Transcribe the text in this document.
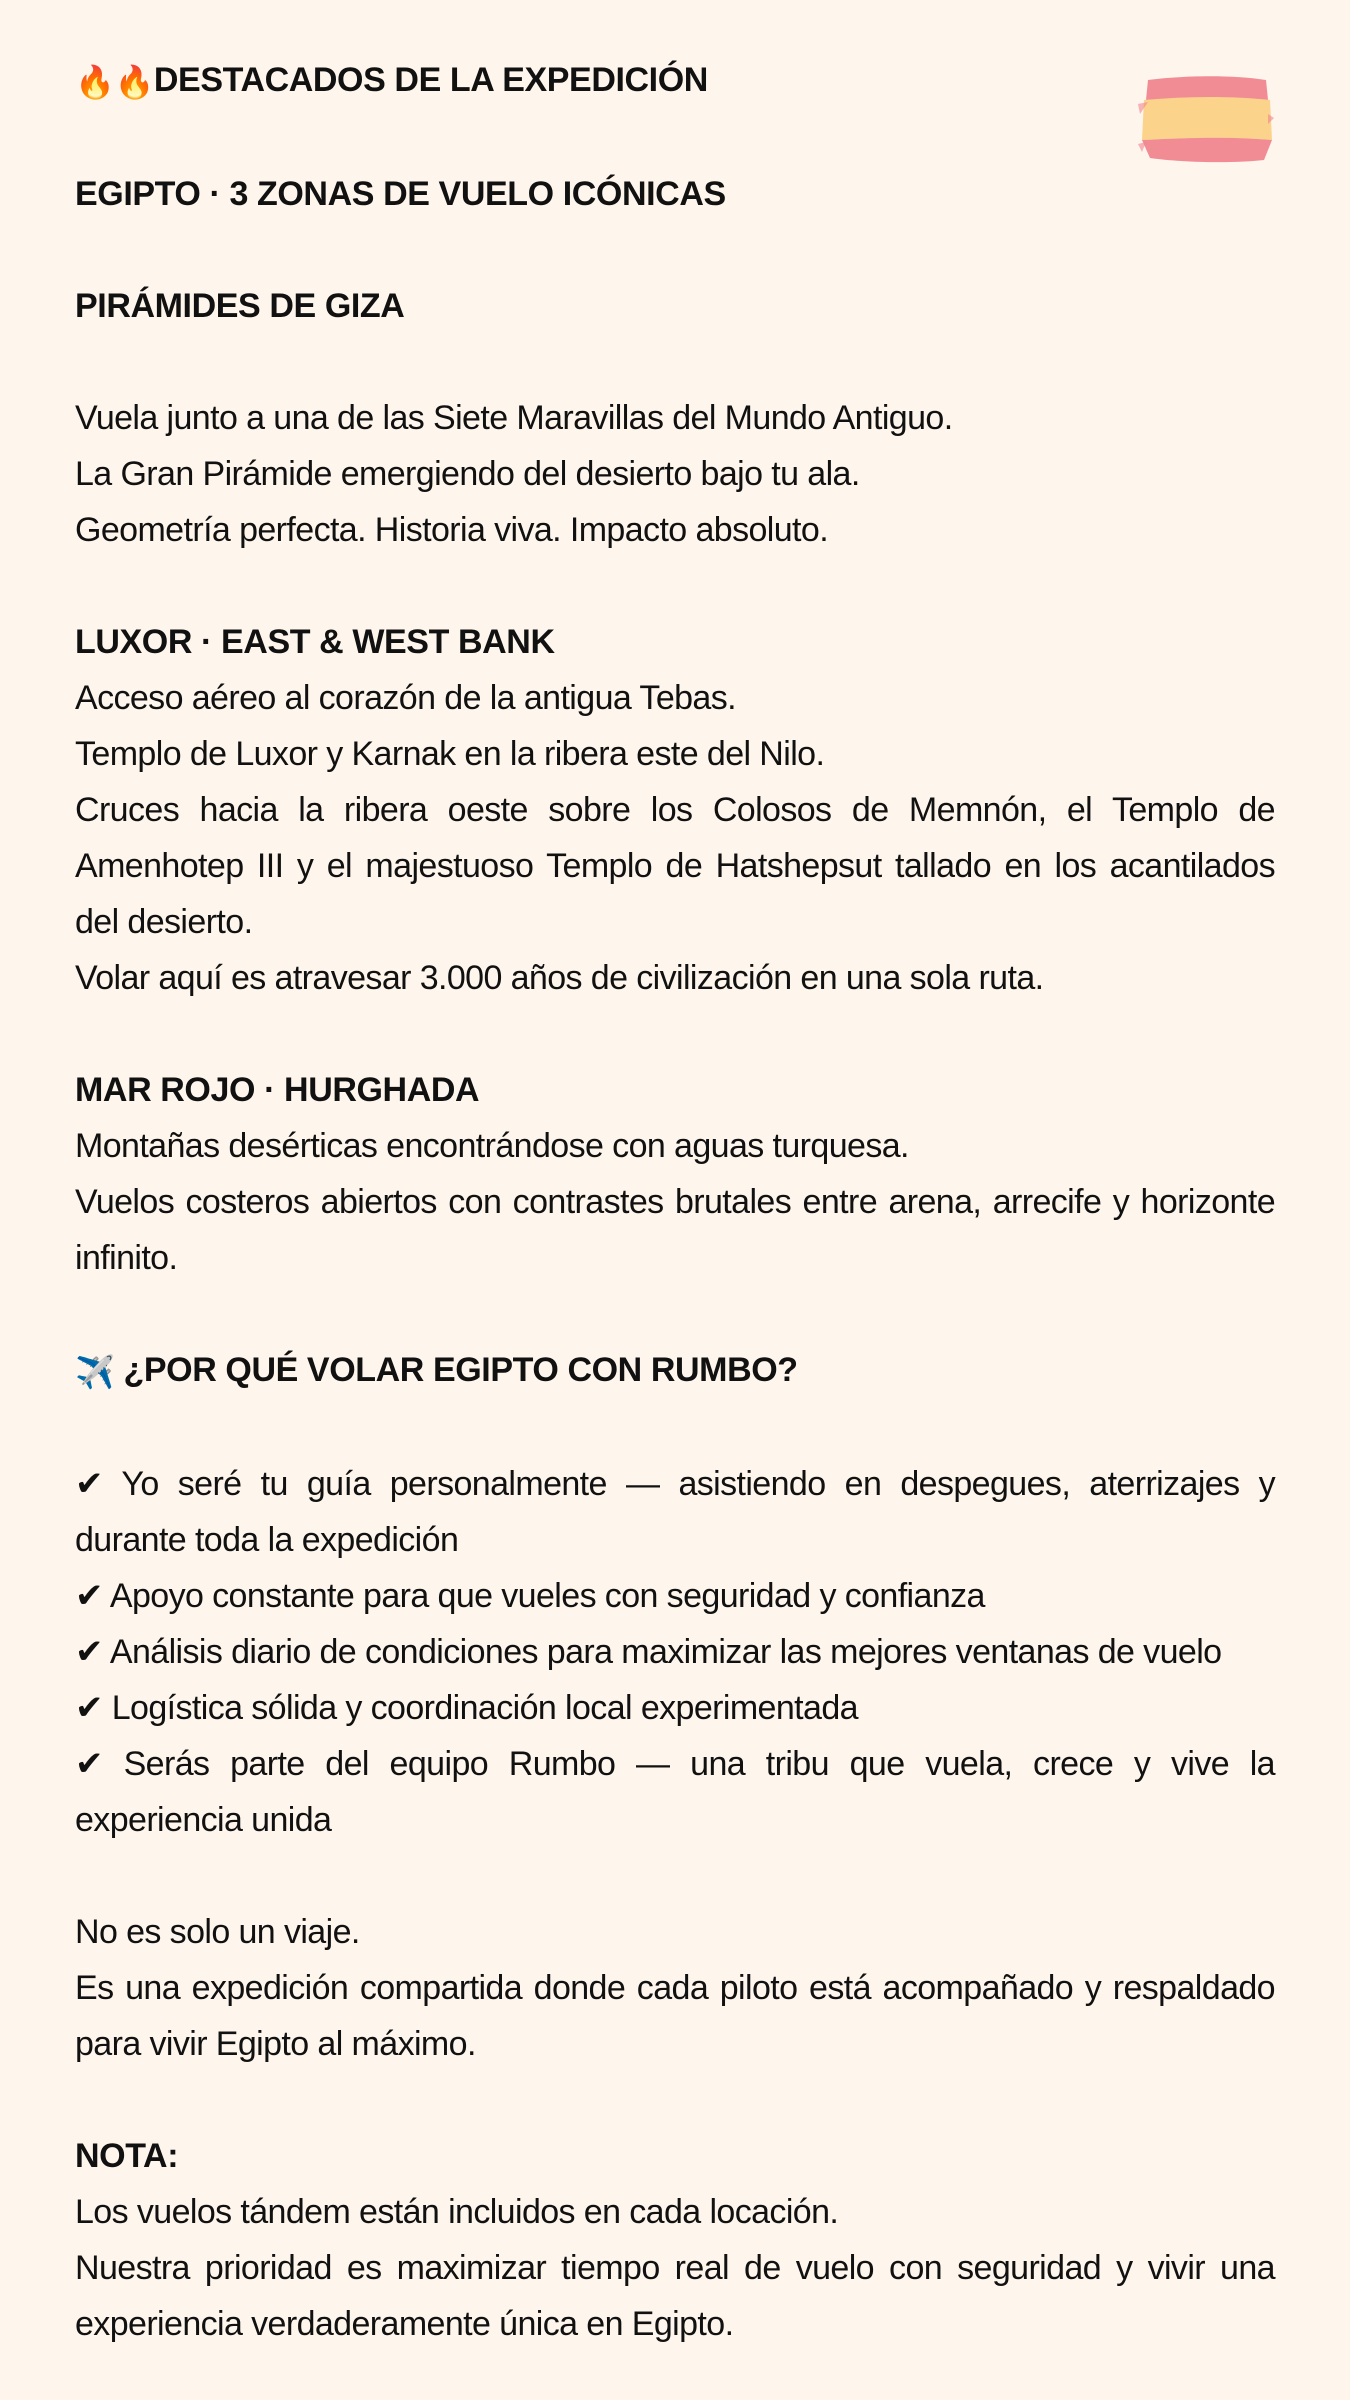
🔥🔥DESTACADOS DE LA EXPEDICIÓN

EGIPTO · 3 ZONAS DE VUELO ICÓNICAS

PIRÁMIDES DE GIZA

Vuela junto a una de las Siete Maravillas del Mundo Antiguo.

La Gran Pirámide emergiendo del desierto bajo tu ala.

Geometría perfecta. Historia viva. Impacto absoluto.

LUXOR · EAST & WEST BANK

Acceso aéreo al corazón de la antigua Tebas.

Templo de Luxor y Karnak en la ribera este del Nilo.

Cruces hacia la ribera oeste sobre los Colosos de Memnón, el Templo de Amenhotep III y el majestuoso Templo de Hatshepsut tallado en los acantilados del desierto.

Volar aquí es atravesar 3.000 años de civilización en una sola ruta.

MAR ROJO · HURGHADA

Montañas desérticas encontrándose con aguas turquesa.

Vuelos costeros abiertos con contrastes brutales entre arena, arrecife y horizonte infinito.

✈️ ¿POR QUÉ VOLAR EGIPTO CON RUMBO?

✔ Yo seré tu guía personalmente — asistiendo en despegues, aterrizajes y durante toda la expedición

✔ Apoyo constante para que vueles con seguridad y confianza

✔ Análisis diario de condiciones para maximizar las mejores ventanas de vuelo

✔ Logística sólida y coordinación local experimentada

✔ Serás parte del equipo Rumbo — una tribu que vuela, crece y vive la experiencia unida

No es solo un viaje.

Es una expedición compartida donde cada piloto está acompañado y respaldado para vivir Egipto al máximo.

NOTA:

Los vuelos tándem están incluidos en cada locación.

Nuestra prioridad es maximizar tiempo real de vuelo con seguridad y vivir una experiencia verdaderamente única en Egipto.
